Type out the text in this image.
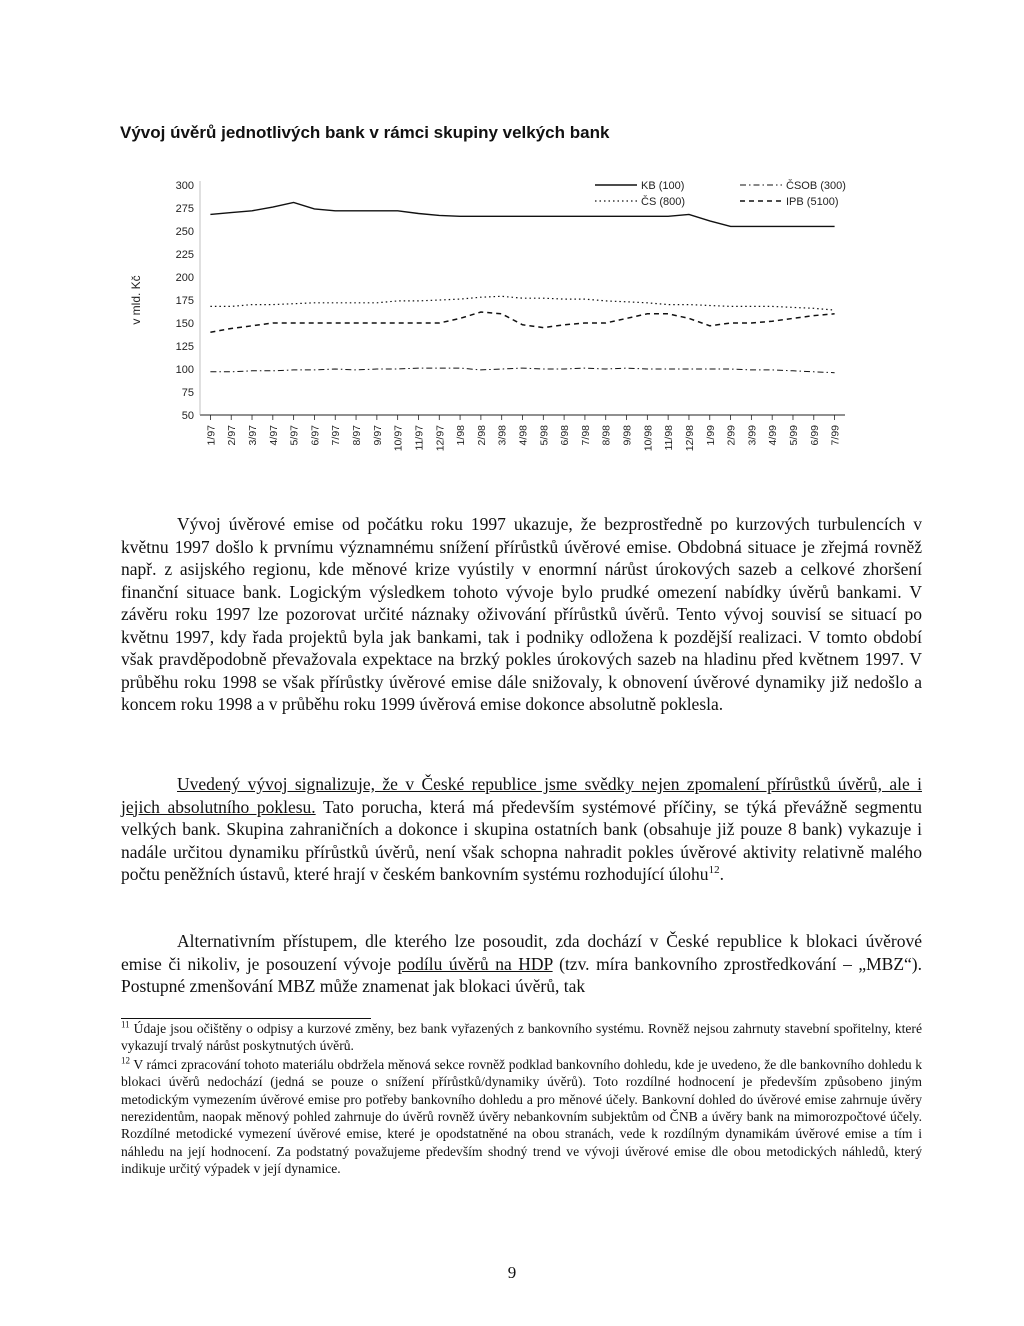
Vývoj úvěrů jednotlivých bank v rámci skupiny velkých bank
300
275
250
225
200
175
150
125
100
75
50
v mld. Kč
1/97 2/97 3/97 4/97 5/97 6/97 7/97 8/97 9/97 10/97 11/97 12/97 1/98 2/98 3/98 4/98 5/98 6/98 7/98 8/98 9/98 10/98 11/98 12/98 1/99 2/99 3/99 4/99 5/99 6/99 7/99
KB (100)
ČS (800)
ČSOB (300)
IPB (5100)

Vývoj úvěrové emise od počátku roku 1997 ukazuje, že bezprostředně po kurzových turbulencích v květnu 1997 došlo k prvnímu významnému snížení přírůstků úvěrové emise. Obdobná situace je zřejmá rovněž např. z asijského regionu, kde měnové krize vyústily v enormní nárůst úrokových sazeb a celkové zhoršení finanční situace bank. Logickým výsledkem tohoto vývoje bylo prudké omezení nabídky úvěrů bankami. V závěru roku 1997 lze pozorovat určité náznaky oživování přírůstků úvěrů. Tento vývoj souvisí se situací po květnu 1997, kdy řada projektů byla jak bankami, tak i podniky odložena k pozdější realizaci. V tomto období však pravděpodobně převažovala expektace na brzký pokles úrokových sazeb na hladinu před květnem 1997. V průběhu roku 1998 se však přírůstky úvěrové emise dále snižovaly, k obnovení úvěrové dynamiky již nedošlo a koncem roku 1998 a v průběhu roku 1999 úvěrová emise dokonce absolutně poklesla.

Uvedený vývoj signalizuje, že v České republice jsme svědky nejen zpomalení přírůstků úvěrů, ale i jejich absolutního poklesu. Tato porucha, která má především systémové příčiny, se týká převážně segmentu velkých bank. Skupina zahraničních a dokonce i skupina ostatních bank (obsahuje již pouze 8 bank) vykazuje i nadále určitou dynamiku přírůstků úvěrů, není však schopna nahradit pokles úvěrové aktivity relativně malého počtu peněžních ústavů, které hrají v českém bankovním systému rozhodující úlohu$^{12}$.

Alternativním přístupem, dle kterého lze posoudit, zda dochází v České republice k blokaci úvěrové emise či nikoliv, je posouzení vývoje podílu úvěrů na HDP (tzv. míra bankovního zprostředkování – „MBZ“). Postupné zmenšování MBZ může znamenat jak blokaci úvěrů, tak

$^{11}$ Údaje jsou očištěny o odpisy a kurzové změny, bez bank vyřazených z bankovního systému. Rovněž nejsou zahrnuty stavební spořitelny, které vykazují trvalý nárůst poskytnutých úvěrů.

$^{12}$ V rámci zpracování tohoto materiálu obdržela měnová sekce rovněž podklad bankovního dohledu, kde je uvedeno, že dle bankovního dohledu k blokaci úvěrů nedochází (jedná se pouze o snížení přírůstků/dynamiky úvěrů). Toto rozdílné hodnocení je především způsobeno jiným metodickým vymezením úvěrové emise pro potřeby bankovního dohledu a pro měnové účely. Bankovní dohled do úvěrové emise zahrnuje úvěry nerezidentům, naopak měnový pohled zahrnuje do úvěrů rovněž úvěry nebankovním subjektům od ČNB a úvěry bank na mimorozpočtové účely. Rozdílné metodické vymezení úvěrové emise, které je opodstatněné na obou stranách, vede k rozdílným dynamikám úvěrové emise a tím i náhledu na její hodnocení. Za podstatný považujeme především shodný trend ve vývoji úvěrové emise dle obou metodických náhledů, který indikuje určitý výpadek v její dynamice.

9
